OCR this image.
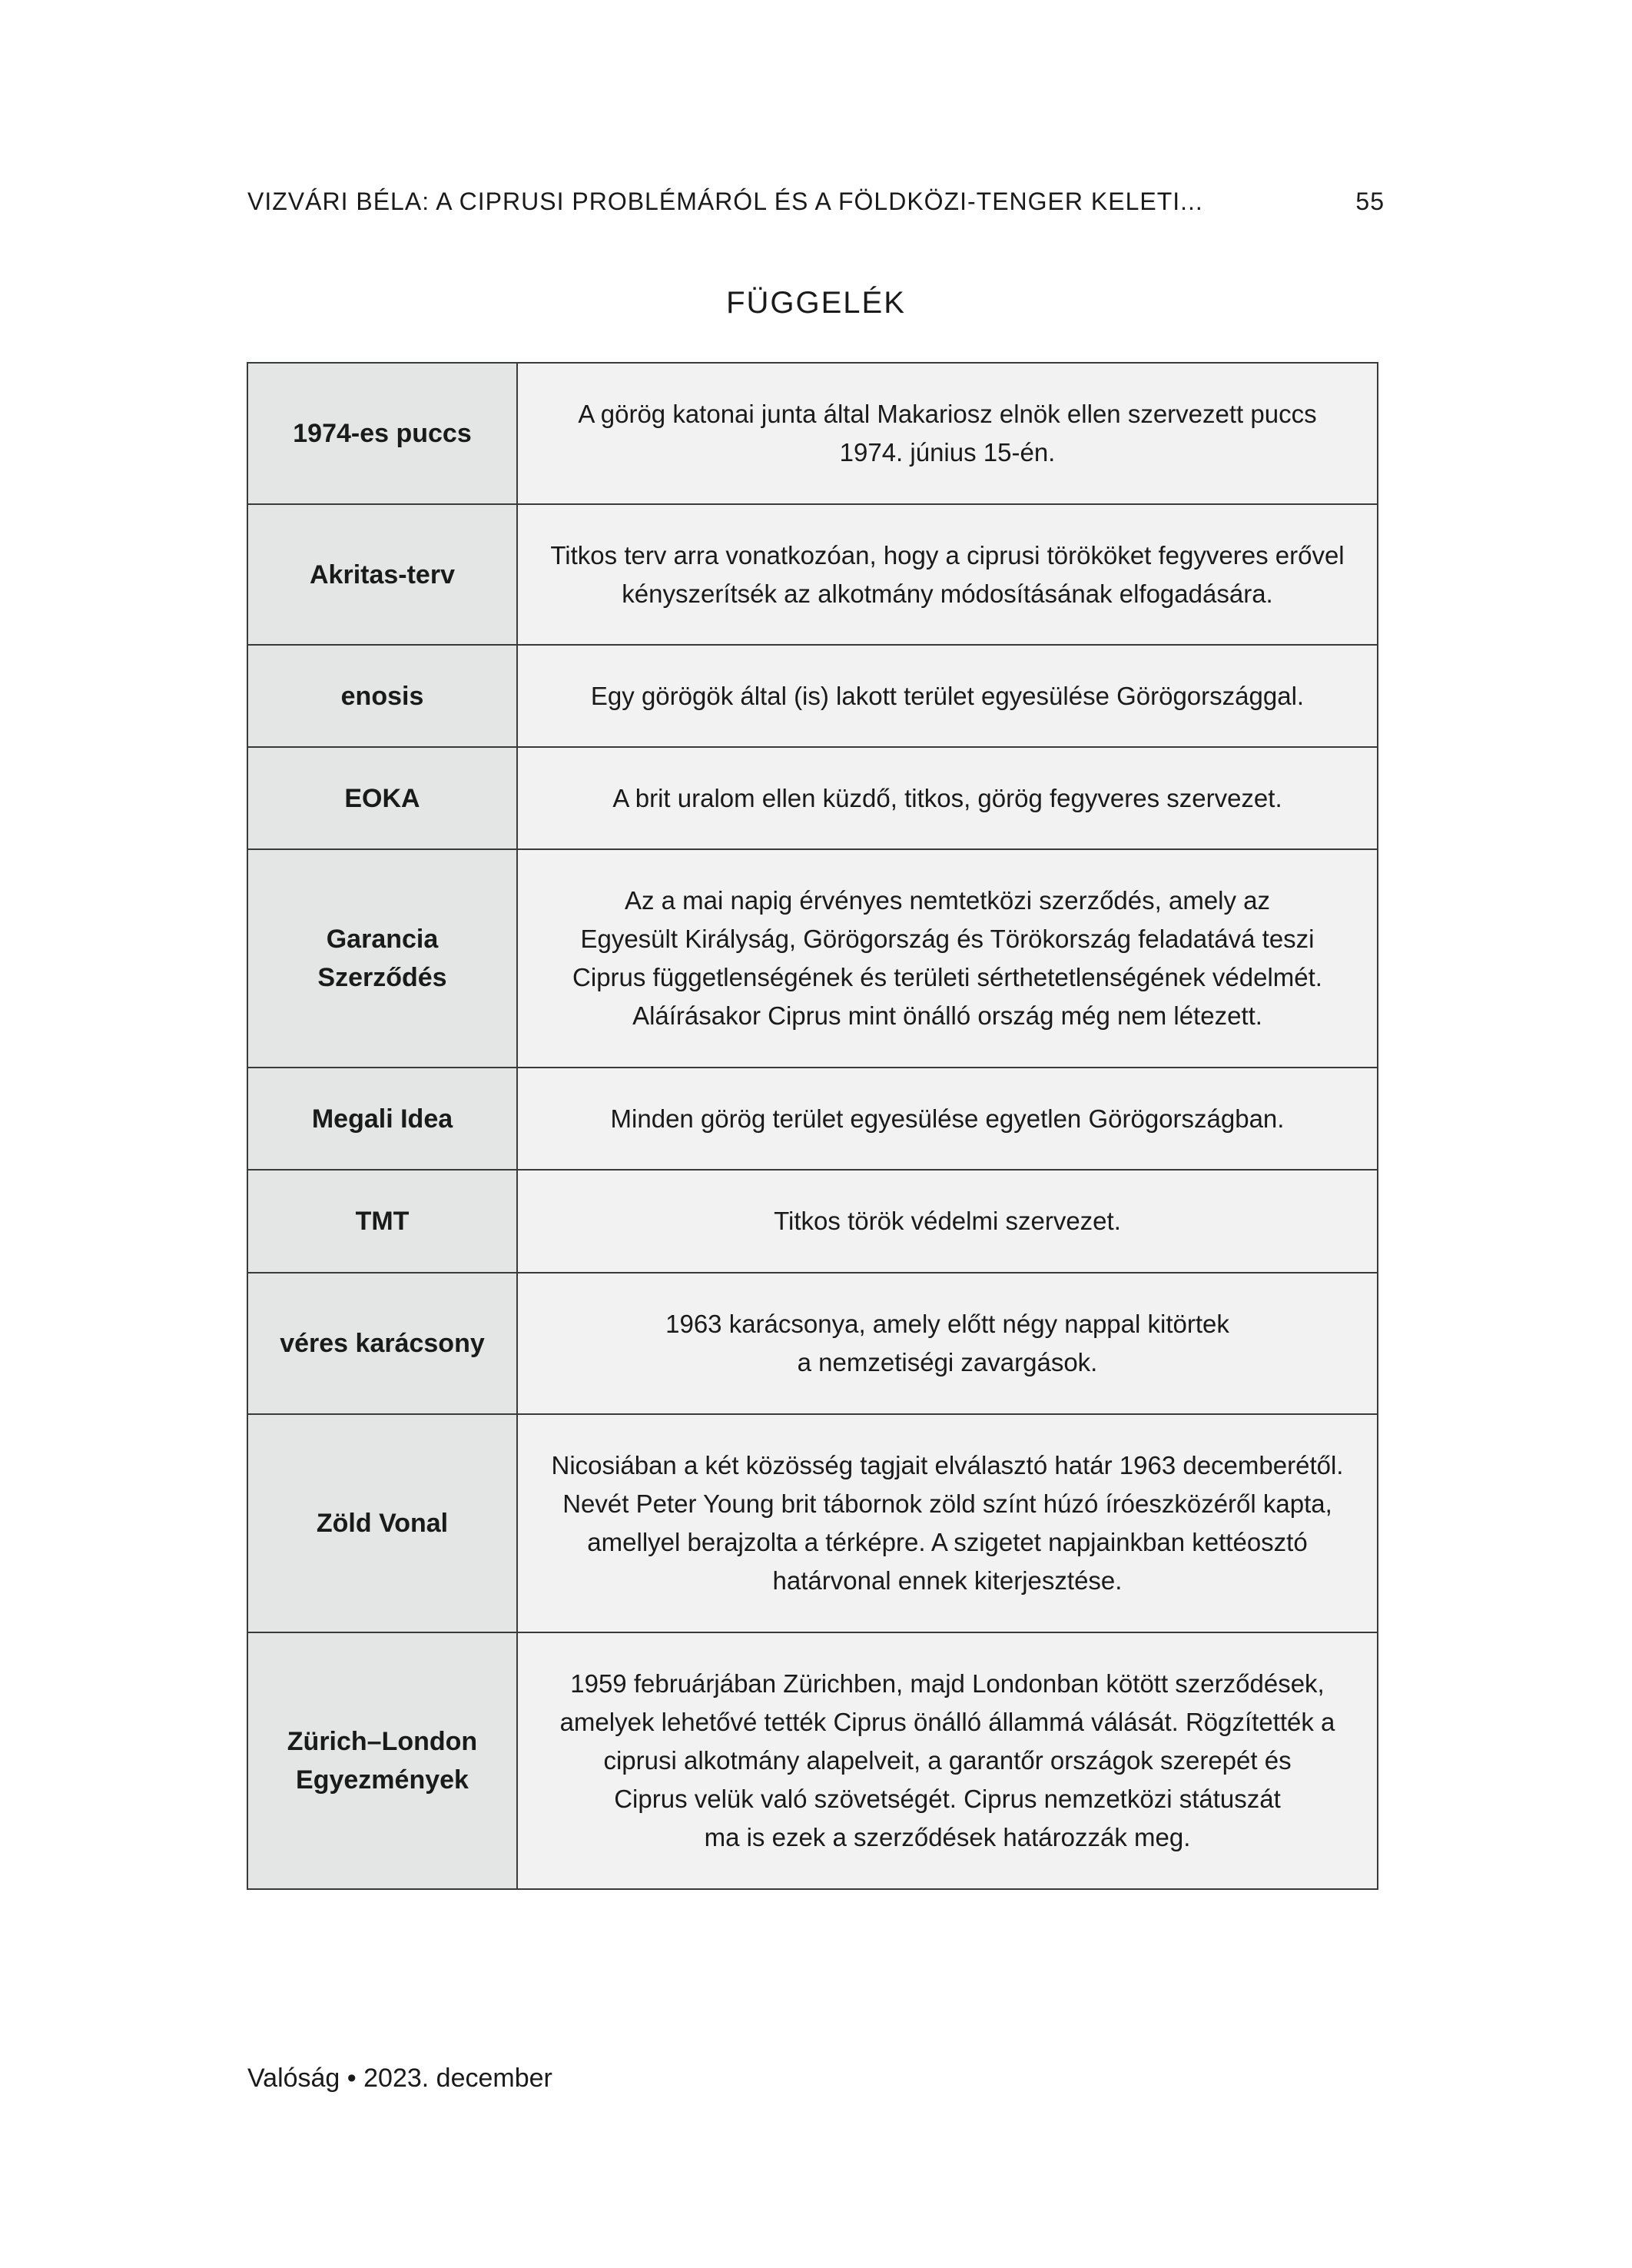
VIZVÁRI BÉLA: A CIPRUSI PROBLÉMÁRÓL ÉS A FÖLDKÖZI-TENGER KELETI...	55
FÜGGELÉK
1974-es puccs	A görög katonai junta által Makariosz elnök ellen szervezett puccs
1974. június 15-én.
Akritas-terv	Titkos terv arra vonatkozóan, hogy a ciprusi törököket fegyveres erővel
kényszerítsék az alkotmány módosításának elfogadására.
enosis	Egy görögök által (is) lakott terület egyesülése Görögországgal.
EOKA	A brit uralom ellen küzdő, titkos, görög fegyveres szervezet.
Garancia
Szerződés	Az a mai napig érvényes nemtetközi szerződés, amely az
Egyesült Királyság, Görögország és Törökország feladatává teszi
Ciprus függetlenségének és területi sérthetetlenségének védelmét.
Aláírásakor Ciprus mint önálló ország még nem létezett.
Megali Idea	Minden görög terület egyesülése egyetlen Görögországban.
TMT	Titkos török védelmi szervezet.
véres karácsony	1963 karácsonya, amely előtt négy nappal kitörtek
a nemzetiségi zavargások.
Zöld Vonal	Nicosiában a két közösség tagjait elválasztó határ 1963 decemberétől.
Nevét Peter Young brit tábornok zöld színt húzó íróeszközéről kapta,
amellyel berajzolta a térképre. A szigetet napjainkban kettéosztó
határvonal ennek kiterjesztése.
Zürich–London
Egyezmények	1959 februárjában Zürichben, majd Londonban kötött szerződések,
amelyek lehetővé tették Ciprus önálló állammá válását. Rögzítették a
ciprusi alkotmány alapelveit, a garantőr országok szerepét és
Ciprus velük való szövetségét. Ciprus nemzetközi státuszát
ma is ezek a szerződések határozzák meg.
Valóság • 2023. december
